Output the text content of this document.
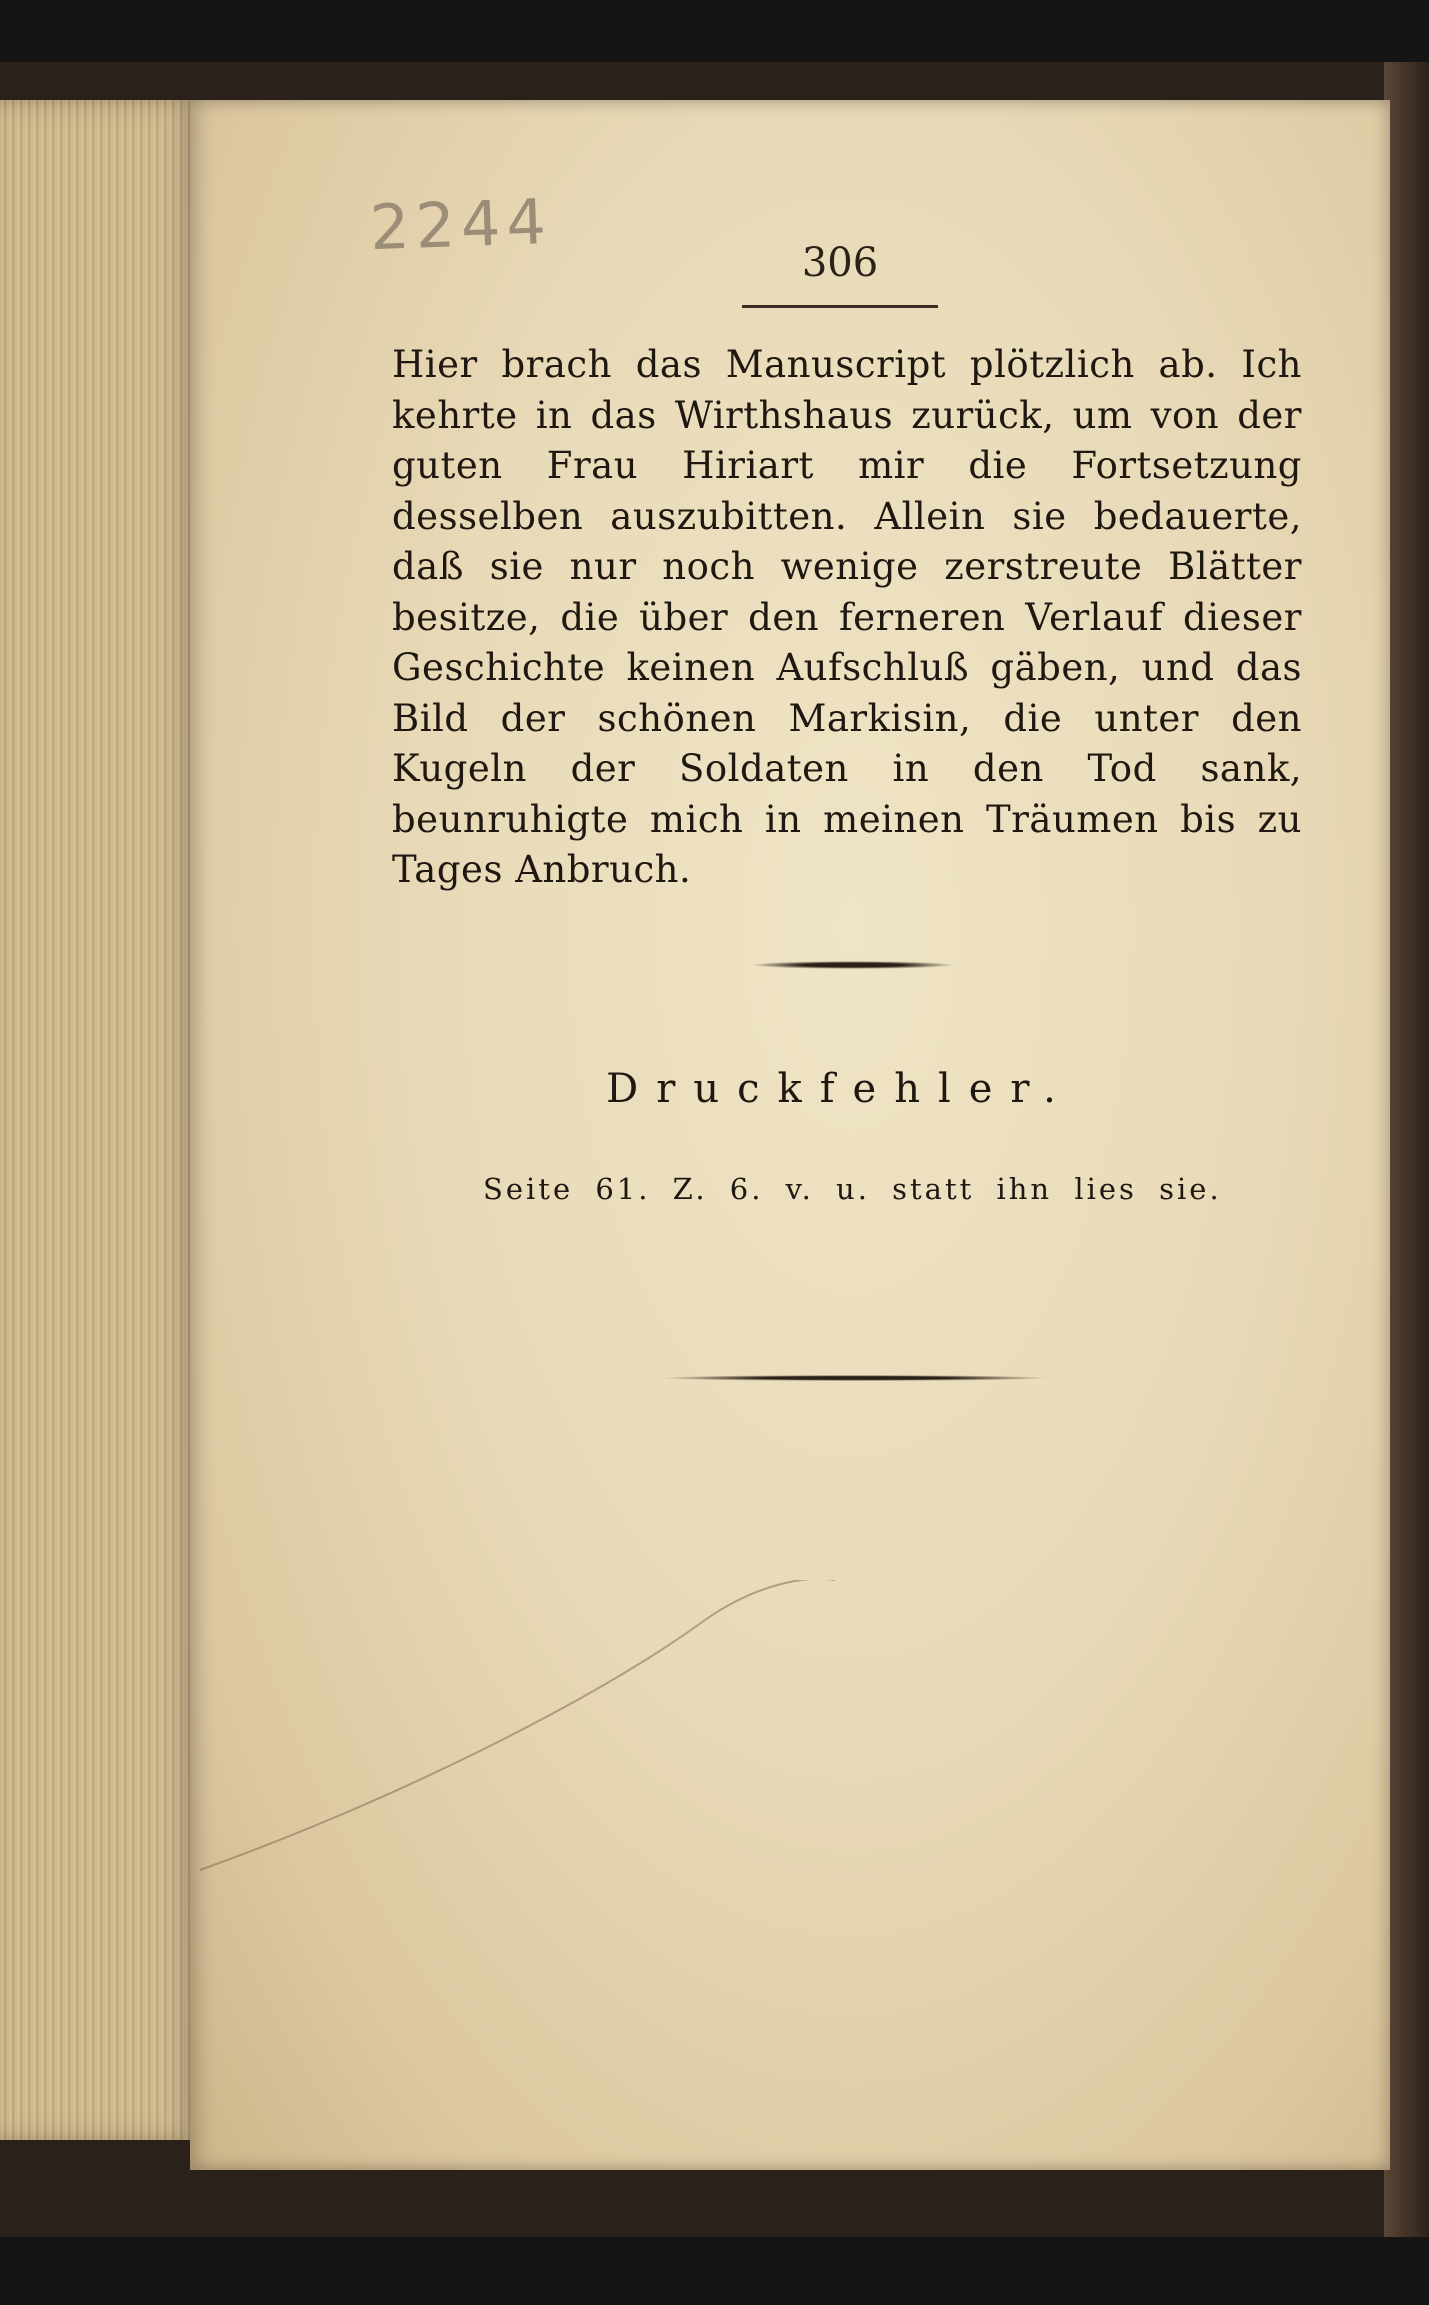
2244	306
Hier brach das Manuscript plötzlich ab. Ich kehrte in das Wirthshaus zurück, um von der guten Frau Hiriart mir die Fortsetzung desselben auszubitten. Allein sie bedauerte, daß sie nur noch wenige zerstreute Blätter besitze, die über den ferneren Verlauf dieser Geschichte keinen Aufschluß gäben, und das Bild der schönen Markisin, die unter den Kugeln der Soldaten in den Tod sank, beunruhigte mich in meinen Träumen bis zu Tages Anbruch.
Druckfehler.
Seite 61. Z. 6. v. u. statt ihn lies sie.
